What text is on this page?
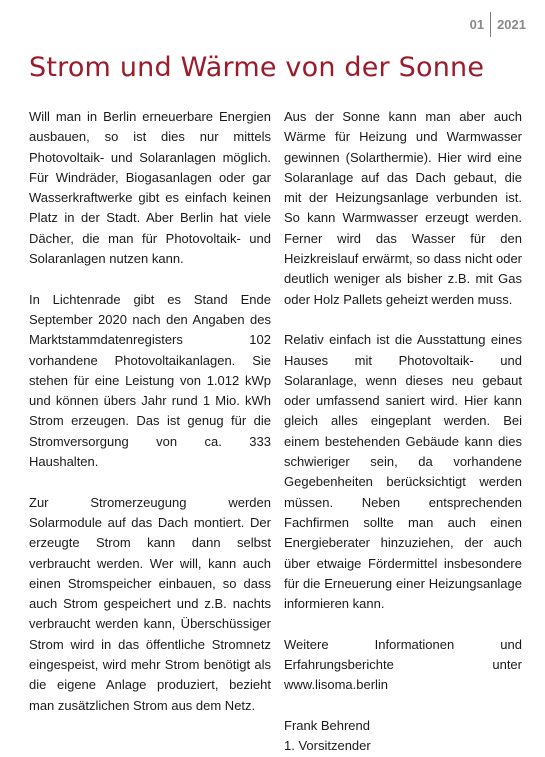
01 2021
Strom und Wärme von der Sonne

Will man in Berlin erneuerbare Energien ausbauen, so ist dies nur mittels Photovoltaik- und Solaranlagen möglich. Für Windräder, Biogasanlagen oder gar Wasserkraftwerke gibt es einfach keinen Platz in der Stadt. Aber Berlin hat viele Dächer, die man für Photovoltaik- und Solaranlagen nutzen kann.

In Lichtenrade gibt es Stand Ende September 2020 nach den Angaben des Marktstammdatenregisters 102 vorhandene Photovoltaikanlagen. Sie stehen für eine Leistung von 1.012 kWp und können übers Jahr rund 1 Mio. kWh Strom erzeugen. Das ist genug für die Stromversorgung von ca. 333 Haushalten.

Zur Stromerzeugung werden Solarmodule auf das Dach montiert. Der erzeugte Strom kann dann selbst verbraucht werden. Wer will, kann auch einen Stromspeicher einbauen, so dass auch Strom gespeichert und z.B. nachts verbraucht werden kann, Überschüssiger Strom wird in das öffentliche Stromnetz eingespeist, wird mehr Strom benötigt als die eigene Anlage produziert, bezieht man zusätzlichen Strom aus dem Netz.

Aus der Sonne kann man aber auch Wärme für Heizung und Warmwasser gewinnen (Solarthermie). Hier wird eine Solaranlage auf das Dach gebaut, die mit der Heizungsanlage verbunden ist. So kann Warmwasser erzeugt werden. Ferner wird das Wasser für den Heizkreislauf erwärmt, so dass nicht oder deutlich weniger als bisher z.B. mit Gas oder Holz Pallets geheizt werden muss.

Relativ einfach ist die Ausstattung eines Hauses mit Photovoltaik- und Solaranlage, wenn dieses neu gebaut oder umfassend saniert wird. Hier kann gleich alles eingeplant werden. Bei einem bestehenden Gebäude kann dies schwieriger sein, da vorhandene Gegebenheiten berücksichtigt werden müssen. Neben entsprechenden Fachfirmen sollte man auch einen Energieberater hinzuziehen, der auch über etwaige Fördermittel insbesondere für die Erneuerung einer Heizungsanlage informieren kann.

Weitere Informationen und Erfahrungsberichte unter www.lisoma.berlin

Frank Behrend

1. Vorsitzender
